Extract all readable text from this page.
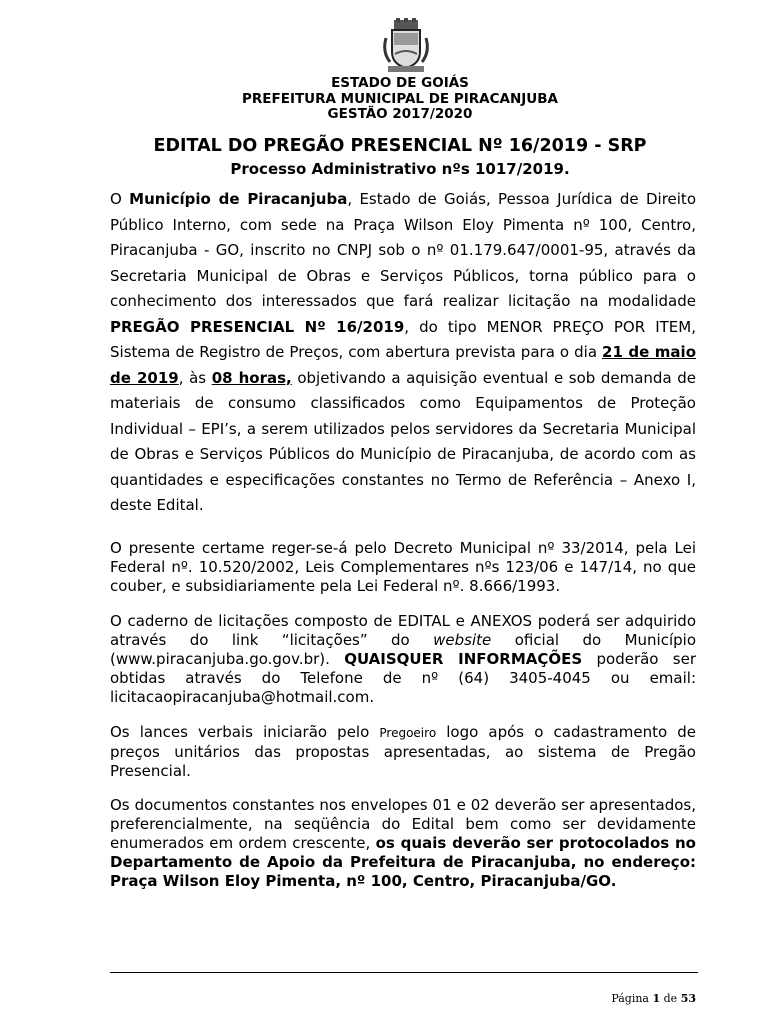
ESTADO DE GOIÁS
PREFEITURA MUNICIPAL DE PIRACANJUBA
GESTÃO 2017/2020
EDITAL DO PREGÃO PRESENCIAL Nº 16/2019 - SRP
Processo Administrativo nºs 1017/2019.
O Município de Piracanjuba, Estado de Goiás, Pessoa Jurídica de Direito Público Interno, com sede na Praça Wilson Eloy Pimenta nº 100, Centro, Piracanjuba - GO, inscrito no CNPJ sob o nº 01.179.647/0001-95, através da Secretaria Municipal de Obras e Serviços Públicos, torna público para o conhecimento dos interessados que fará realizar licitação na modalidade PREGÃO PRESENCIAL Nº 16/2019, do tipo MENOR PREÇO POR ITEM, Sistema de Registro de Preços, com abertura prevista para o dia 21 de maio de 2019, às 08 horas, objetivando a aquisição eventual e sob demanda de materiais de consumo classificados como Equipamentos de Proteção Individual – EPI’s, a serem utilizados pelos servidores da Secretaria Municipal de Obras e Serviços Públicos do Município de Piracanjuba, de acordo com as quantidades e especificações constantes no Termo de Referência – Anexo I, deste Edital.
O presente certame reger-se-á pelo Decreto Municipal nº 33/2014, pela Lei Federal nº. 10.520/2002, Leis Complementares nºs 123/06 e 147/14, no que couber, e subsidiariamente pela Lei Federal nº. 8.666/1993.
O caderno de licitações composto de EDITAL e ANEXOS poderá ser adquirido através do link “licitações” do website oficial do Município (www.piracanjuba.go.gov.br). QUAISQUER INFORMAÇÕES poderão ser obtidas através do Telefone de nº (64) 3405-4045 ou email: licitacaopiracanjuba@hotmail.com.
Os lances verbais iniciarão pelo Pregoeiro logo após o cadastramento de preços unitários das propostas apresentadas, ao sistema de Pregão Presencial.
Os documentos constantes nos envelopes 01 e 02 deverão ser apresentados, preferencialmente, na seqüência do Edital bem como ser devidamente enumerados em ordem crescente, os quais deverão ser protocolados no Departamento de Apoio da Prefeitura de Piracanjuba, no endereço: Praça Wilson Eloy Pimenta, nº 100, Centro, Piracanjuba/GO.
Página 1 de 53
